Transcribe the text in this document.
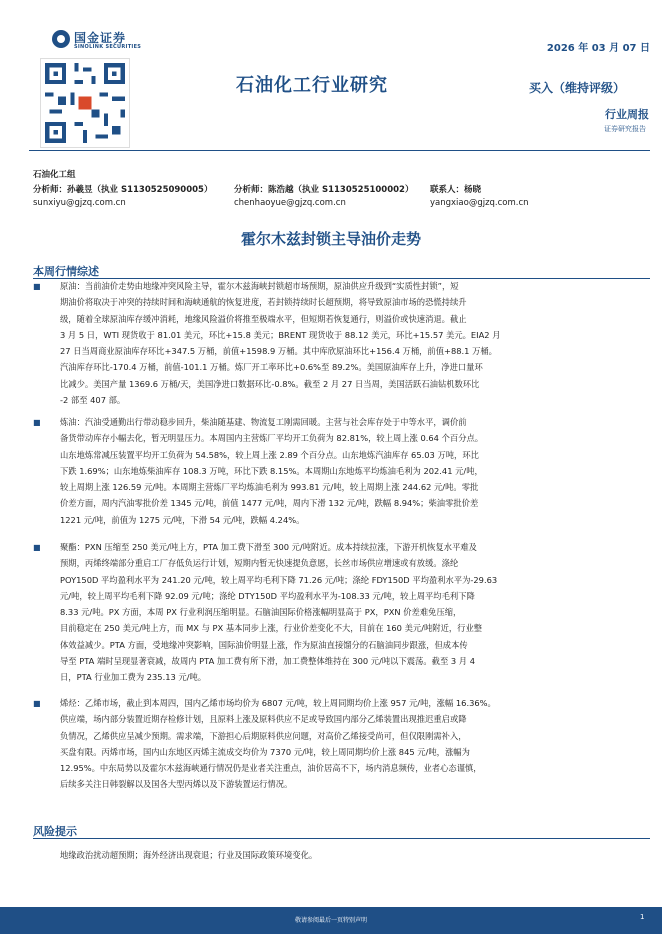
国金证券
SINOLINK SECURITIES	2026 年 03 月 07 日
石油化工行业研究	买入（维持评级）
行业周报
证券研究报告
石油化工组
分析师：孙羲昱（执业 S1130525090005）
sunxiyu@gjzq.com.cn
分析师：陈浩越（执业 S1130525100002）
chenhaoyue@gjzq.com.cn
联系人：杨晓
yangxiao@gjzq.com.cn
霍尔木兹封锁主导油价走势
本周行情综述
■ 原油：当前油价走势由地缘冲突风险主导，霍尔木兹海峡封锁超市场预期，原油供应升级到“实质性封锁”，短
期油价将取决于冲突的持续时间和海峡通航的恢复进度，若封锁持续时长超预期，将导致原油市场的恐慌持续升
级，随着全球原油库存缓冲消耗，地缘风险溢价将推至极端水平，但短期若恢复通行，则溢价或快速消退。截止
3 月 5 日，WTI 现货收于 81.01 美元，环比+15.8 美元；BRENT 现货收于 88.12 美元，环比+15.57 美元。EIA2 月
27 日当周商业原油库存环比+347.5 万桶，前值+1598.9 万桶。其中库欣原油环比+156.4 万桶，前值+88.1 万桶。
汽油库存环比-170.4 万桶，前值-101.1 万桶。炼厂开工率环比+0.6%至 89.2%。美国原油库存上升，净进口量环
比减少。美国产量 1369.6 万桶/天，美国净进口数据环比-0.8%。截至 2 月 27 日当周，美国活跃石油钻机数环比
-2 部至 407 部。
■ 炼油：汽油受通勤出行带动稳步回升，柴油随基建、物流复工刚需回暖。主营与社会库存处于中等水平，调价前
备货带动库存小幅去化，暂无明显压力。本周国内主营炼厂平均开工负荷为 82.81%，较上周上涨 0.64 个百分点。
山东地炼常减压装置平均开工负荷为 54.58%，较上周上涨 2.89 个百分点。山东地炼汽油库存 65.03 万吨，环比
下跌 1.69%；山东地炼柴油库存 108.3 万吨，环比下跌 8.15%。本周期山东地炼平均炼油毛利为 202.41 元/吨，
较上周期上涨 126.59 元/吨。本周期主营炼厂平均炼油毛利为 993.81 元/吨，较上周期上涨 244.62 元/吨。零批
价差方面，周内汽油零批价差 1345 元/吨，前值 1477 元/吨，周内下滑 132 元/吨，跌幅 8.94%；柴油零批价差
1221 元/吨，前值为 1275 元/吨，下滑 54 元/吨，跌幅 4.24%。
■ 聚酯：PXN 压缩至 250 美元/吨上方，PTA 加工费下滑至 300 元/吨附近。成本持续拉涨，下游开机恢复水平难及
预期，丙烯终端部分重启工厂存低负运行计划，短期内暂无快速提负意愿，长丝市场供应增速或有放缓。涤纶
POY150D 平均盈利水平为 241.20 元/吨，较上周平均毛利下降 71.26 元/吨；涤纶 FDY150D 平均盈利水平为-29.63
元/吨，较上周平均毛利下降 92.09 元/吨；涤纶 DTY150D 平均盈利水平为-108.33 元/吨，较上周平均毛利下降
8.33 元/吨。PX 方面，本周 PX 行业利润压缩明显。石脑油国际价格涨幅明显高于 PX，PXN 价差难免压缩，
目前稳定在 250 美元/吨上方，而 MX 与 PX 基本同步上涨，行业价差变化不大，目前在 160 美元/吨附近，行业整
体效益减少。PTA 方面，受地缘冲突影响，国际油价明显上涨，作为原油直接馏分的石脑油同步跟涨，但成本传
导至 PTA 端时呈现显著衰减，故周内 PTA 加工费有所下滑，加工费整体维持在 300 元/吨以下震荡。截至 3 月 4
日，PTA 行业加工费为 235.13 元/吨。
■ 烯烃：乙烯市场，截止到本周四，国内乙烯市场均价为 6807 元/吨，较上周同期均价上涨 957 元/吨，涨幅 16.36%。
供应端，场内部分装置近期存检修计划，且原料上涨及原料供应不足或导致国内部分乙烯装置出现推迟重启或降
负情况，乙烯供应呈减少预期。需求端，下游担心后期原料供应问题，对高价乙烯接受尚可，但仅限刚需补入，
买盘有限。丙烯市场，国内山东地区丙烯主流成交均价为 7370 元/吨，较上周同期均价上涨 845 元/吨，涨幅为
12.95%。中东局势以及霍尔木兹海峡通行情况仍是业者关注重点，油价居高不下，场内消息频传，业者心态谨慎，
后续多关注日韩裂解以及国各大型丙烯以及下游装置运行情况。
风险提示
地缘政治扰动超预期；海外经济出现衰退；行业及国际政策环境变化。
敬请参阅最后一页特别声明	1
